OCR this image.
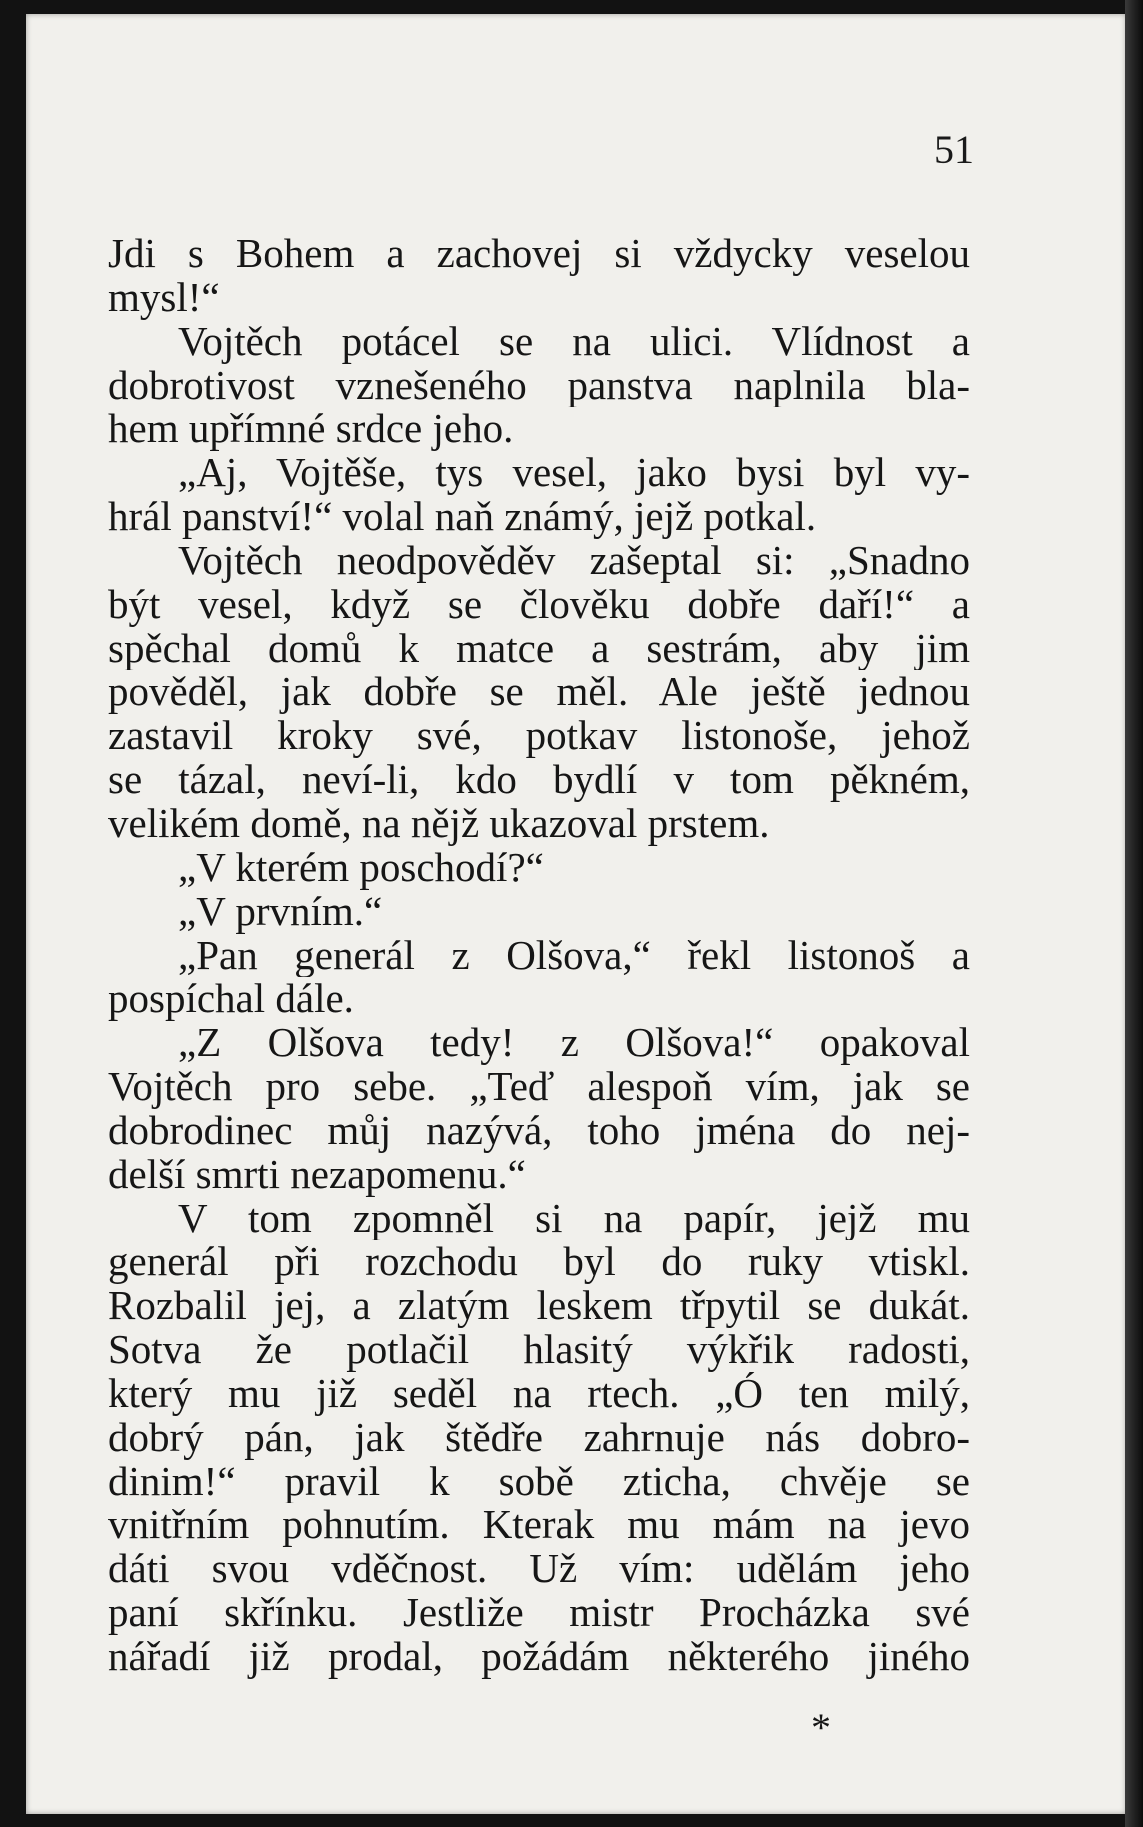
51
Jdi s Bohem a zachovej si vždycky veselou
mysl!“
Vojtěch potácel se na ulici. Vlídnost a
dobrotivost vznešeného panstva naplnila bla-
hem upřímné srdce jeho.
„Aj, Vojtěše, tys vesel, jako bysi byl vy-
hrál panství!“ volal naň známý, jejž potkal.
Vojtěch neodpověděv zašeptal si: „Snadno
být vesel, když se člověku dobře daří!“ a
spěchal domů k matce a sestrám, aby jim
pověděl, jak dobře se měl. Ale ještě jednou
zastavil kroky své, potkav listonoše, jehož
se tázal, neví-li, kdo bydlí v tom pěkném,
velikém domě, na nějž ukazoval prstem.
„V kterém poschodí?“
„V prvním.“
„Pan generál z Olšova,“ řekl listonoš a
pospíchal dále.
„Z Olšova tedy! z Olšova!“ opakoval
Vojtěch pro sebe. „Teď alespoň vím, jak se
dobrodinec můj nazývá, toho jména do nej-
delší smrti nezapomenu.“
V tom zpomněl si na papír, jejž mu
generál při rozchodu byl do ruky vtiskl.
Rozbalil jej, a zlatým leskem třpytil se dukát.
Sotva že potlačil hlasitý výkřik radosti,
který mu již seděl na rtech. „Ó ten milý,
dobrý pán, jak štědře zahrnuje nás dobro-
dinim!“ pravil k sobě zticha, chvěje se
vnitřním pohnutím. Kterak mu mám na jevo
dáti svou vděčnost. Už vím: udělám jeho
paní skřínku. Jestliže mistr Procházka své
nářadí již prodal, požádám některého jiného
*
